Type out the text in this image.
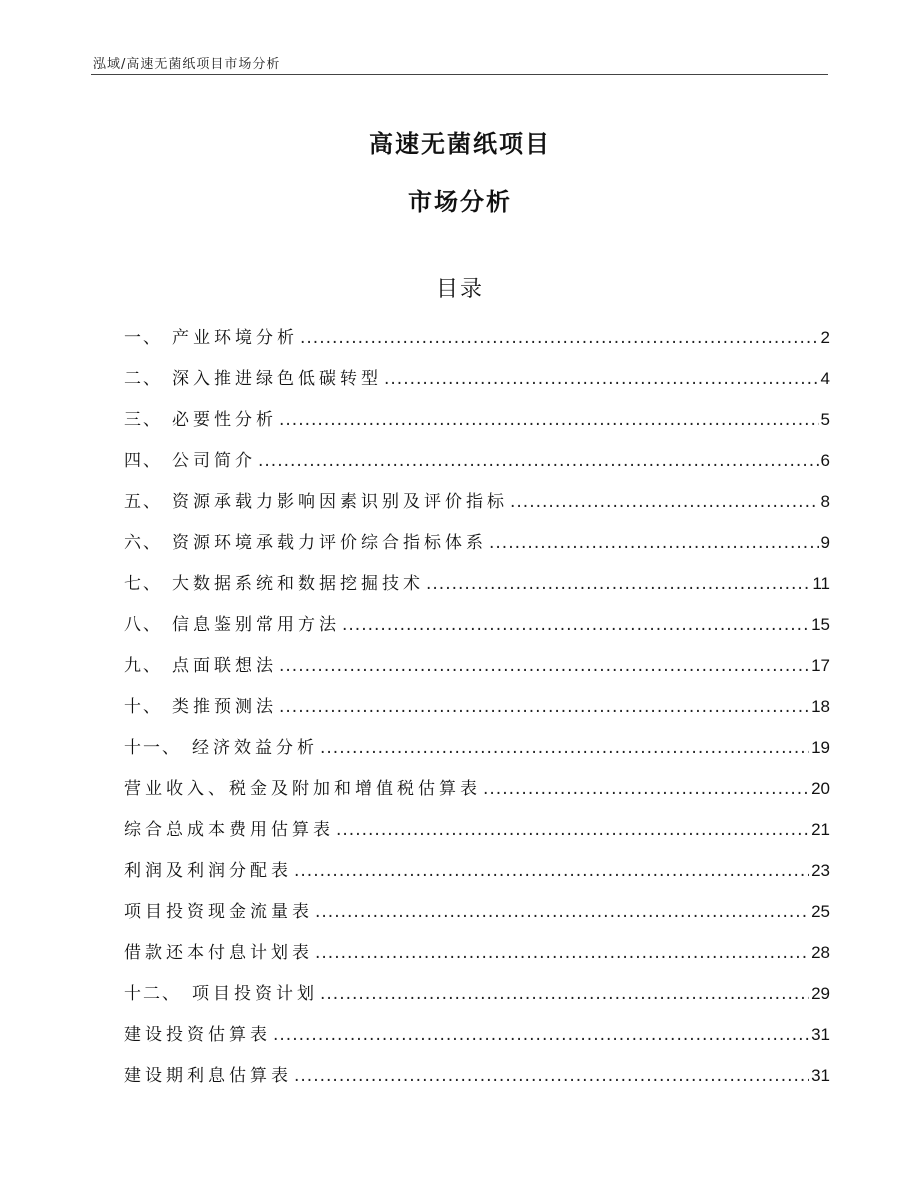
泓域/高速无菌纸项目市场分析
高速无菌纸项目
市场分析
目录
一、 产业环境分析 .....	2
二、 深入推进绿色低碳转型 .....	4
三、 必要性分析 .....	5
四、 公司简介 .....	6
五、 资源承载力影响因素识别及评价指标 .....	8
六、 资源环境承载力评价综合指标体系 .....	9
七、 大数据系统和数据挖掘技术 .....	11
八、 信息鉴别常用方法 .....	15
九、 点面联想法 .....	17
十、 类推预测法 .....	18
十一、 经济效益分析 .....	19
营业收入、税金及附加和增值税估算表 .....	20
综合总成本费用估算表 .....	21
利润及利润分配表 .....	23
项目投资现金流量表 .....	25
借款还本付息计划表 .....	28
十二、 项目投资计划 .....	29
建设投资估算表 .....	31
建设期利息估算表 .....	31
